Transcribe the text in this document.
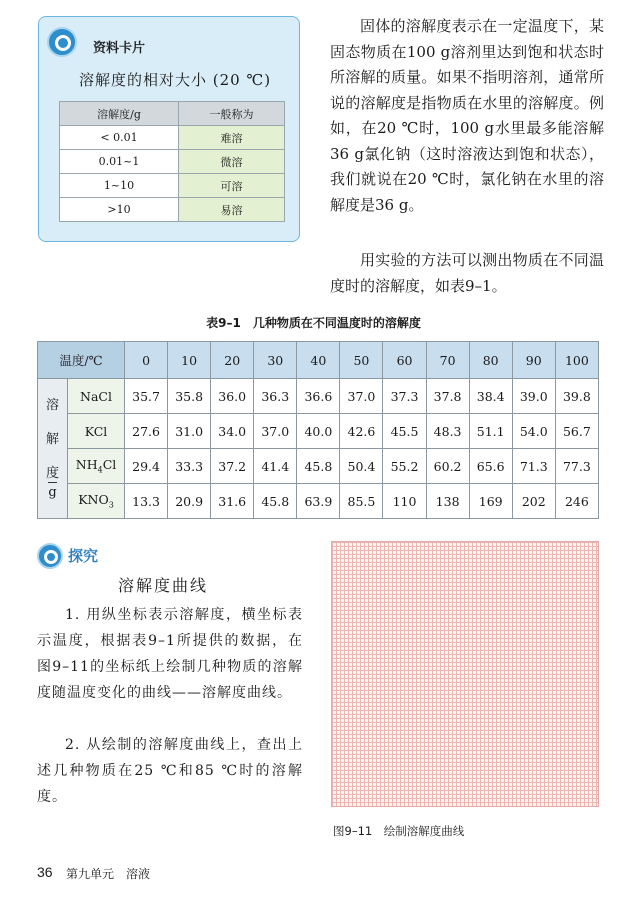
资料卡片
溶解度的相对大小 (20 ℃)
溶解度/g	一般称为
< 0.01	难溶
0.01~1	微溶
1~10	可溶
>10	易溶

固体的溶解度表示在一定温度下，某固态物质在100 g溶剂里达到饱和状态时所溶解的质量。如果不指明溶剂，通常所说的溶解度是指物质在水里的溶解度。例如，在20 ℃时，100 g水里最多能溶解36 g氯化钠（这时溶液达到饱和状态），我们就说在20 ℃时，氯化钠在水里的溶解度是36 g。

用实验的方法可以测出物质在不同温度时的溶解度，如表9–1。

表9–1　几种物质在不同温度时的溶解度
温度/℃		0	10	20	30	40	50	60	70	80	90	100
溶

解

度
g	NaCl	35.7	35.8	36.0	36.3	36.6	37.0	37.3	37.8	38.4	39.0	39.8
	KCl	27.6	31.0	34.0	37.0	40.0	42.6	45.5	48.3	51.1	54.0	56.7
	$NH_4Cl$	29.4	33.3	37.2	41.4	45.8	50.4	55.2	60.2	65.6	71.3	77.3
	$KNO_3$	13.3	20.9	31.6	45.8	63.9	85.5	110	138	169	202	246
探究
溶解度曲线

1. 用纵坐标表示溶解度，横坐标表示温度，根据表9–1所提供的数据，在图9–11的坐标纸上绘制几种物质的溶解度随温度变化的曲线——溶解度曲线。

2. 从绘制的溶解度曲线上，查出上述几种物质在25 ℃和85 ℃时的溶解度。

图9–11　绘制溶解度曲线
36 第九单元　溶液
